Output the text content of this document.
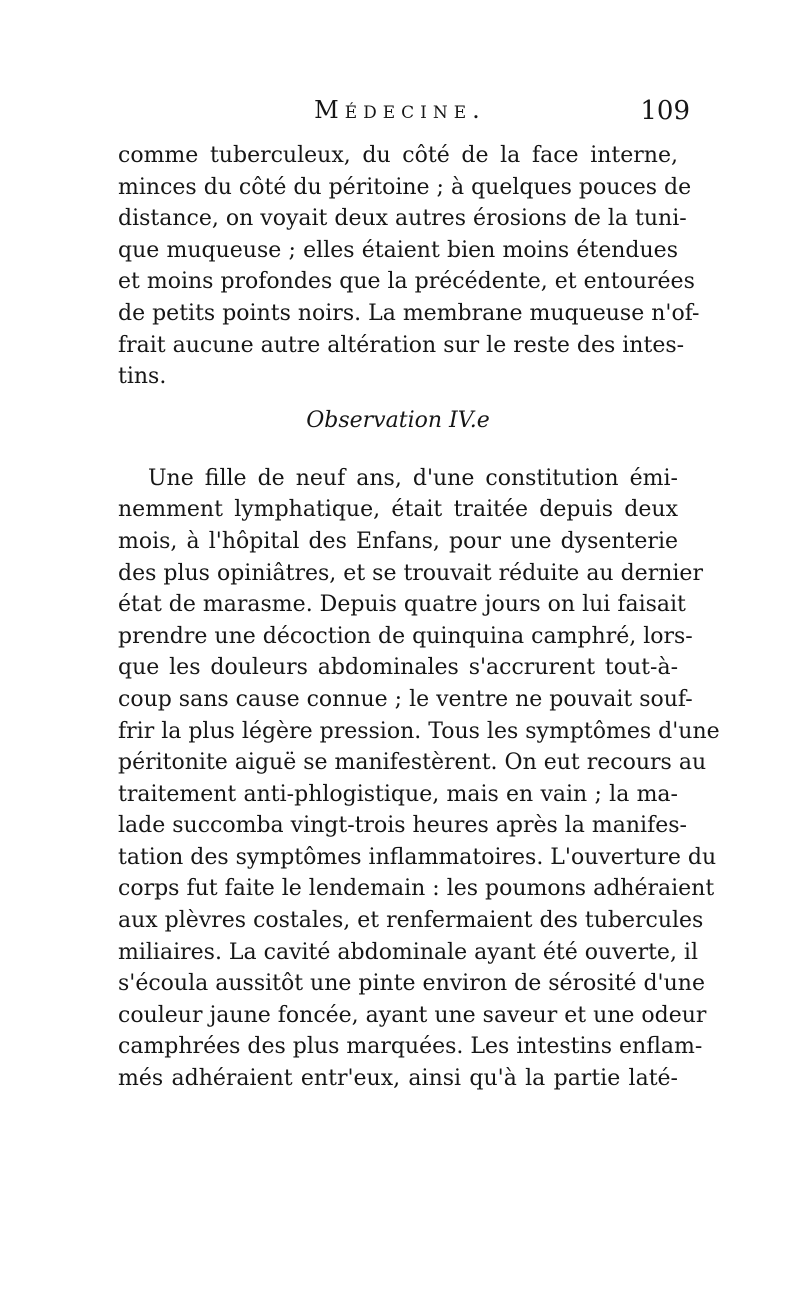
Médecine.	109
comme tuberculeux, du côté de la face interne,
minces du côté du péritoine ; à quelques pouces de
distance, on voyait deux autres érosions de la tuni-
que muqueuse ; elles étaient bien moins étendues
et moins profondes que la précédente, et entourées
de petits points noirs. La membrane muqueuse n'of-
frait aucune autre altération sur le reste des intes-
tins.
Observation IV.e
Une fille de neuf ans, d'une constitution émi-
nemment lymphatique, était traitée depuis deux
mois, à l'hôpital des Enfans, pour une dysenterie
des plus opiniâtres, et se trouvait réduite au dernier
état de marasme. Depuis quatre jours on lui faisait
prendre une décoction de quinquina camphré, lors-
que les douleurs abdominales s'accrurent tout-à-
coup sans cause connue ; le ventre ne pouvait souf-
frir la plus légère pression. Tous les symptômes d'une
péritonite aiguë se manifestèrent. On eut recours au
traitement anti-phlogistique, mais en vain ; la ma-
lade succomba vingt-trois heures après la manifes-
tation des symptômes inflammatoires. L'ouverture du
corps fut faite le lendemain : les poumons adhéraient
aux plèvres costales, et renfermaient des tubercules
miliaires. La cavité abdominale ayant été ouverte, il
s'écoula aussitôt une pinte environ de sérosité d'une
couleur jaune foncée, ayant une saveur et une odeur
camphrées des plus marquées. Les intestins enflam-
més adhéraient entr'eux, ainsi qu'à la partie laté-
